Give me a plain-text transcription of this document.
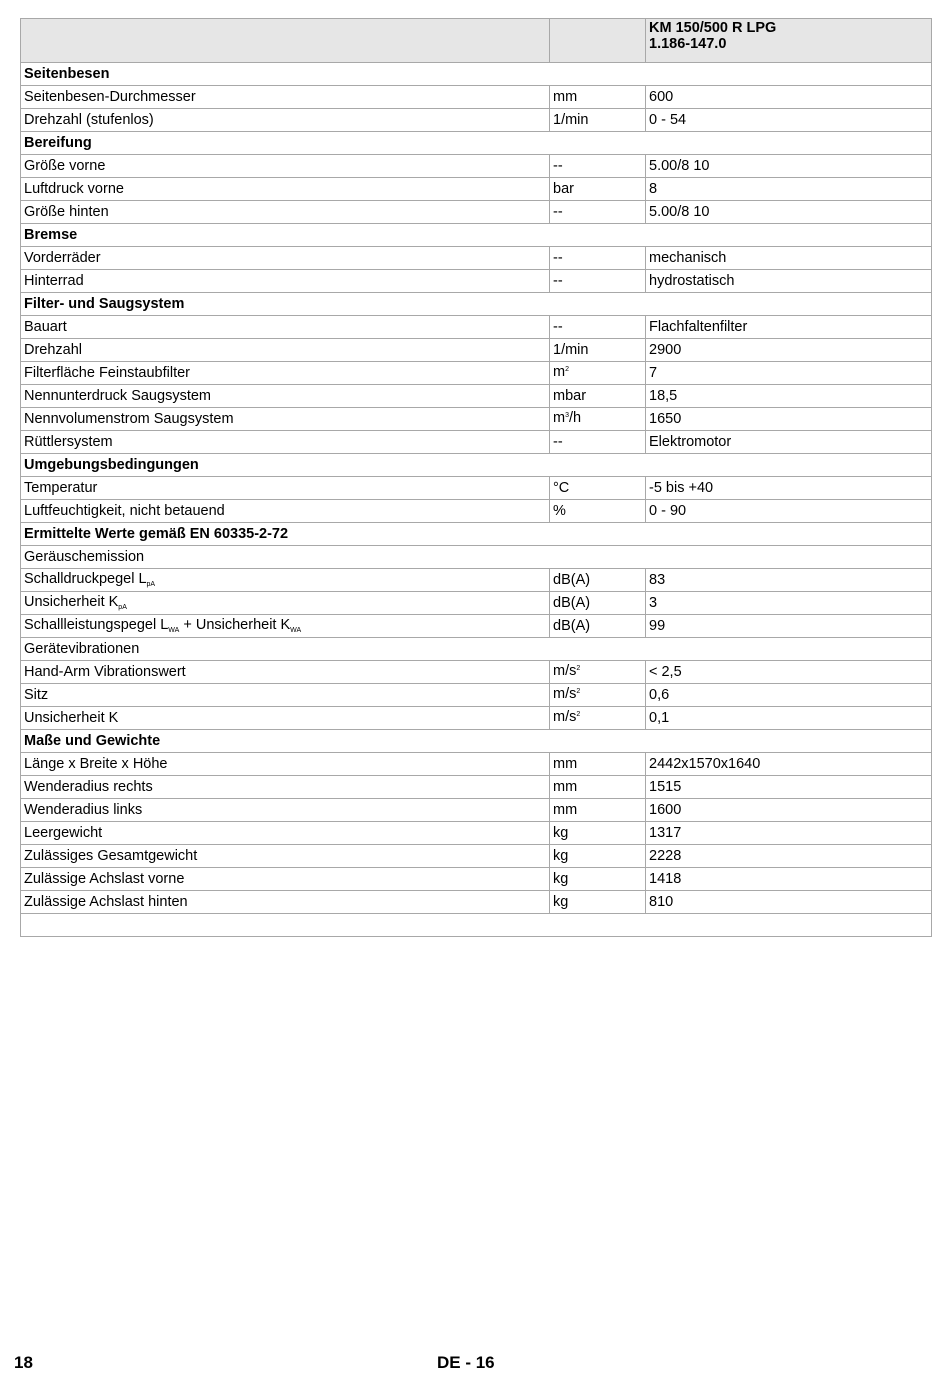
		KM 150/500 R LPG
1.186-147.0

Seitenbesen		
Seitenbesen-Durchmesser	mm	600
Drehzahl (stufenlos)	1/min	0 - 54
Bereifung		
Größe vorne	--	5.00/8 10
Luftdruck vorne	bar	8
Größe hinten	--	5.00/8 10
Bremse		
Vorderräder	--	mechanisch
Hinterrad	--	hydrostatisch
Filter- und Saugsystem		
Bauart	--	Flachfaltenfilter
Drehzahl	1/min	2900
Filterfläche Feinstaubfilter	$m^2$	7
Nennunterdruck Saugsystem	mbar	18,5
Nennvolumenstrom Saugsystem	$m^3/h$	1650
Rüttlersystem	--	Elektromotor
Umgebungsbedingungen		
Temperatur	°C	-5 bis +40
Luftfeuchtigkeit, nicht betauend	%	0 - 90
Ermittelte Werte gemäß EN 60335-2-72		
Geräuschemission		
Schalldruckpegel $L_{pA}$	dB(A)	83
Unsicherheit $K_{pA}$	dB(A)	3
Schallleistungspegel $L_{WA}$ + Unsicherheit $K_{WA}$	dB(A)	99
Gerätevibrationen		
Hand-Arm Vibrationswert	$m/s^2$	< 2,5
Sitz	$m/s^2$	0,6
Unsicherheit K	$m/s^2$	0,1
Maße und Gewichte		
Länge x Breite x Höhe	mm	2442x1570x1640
Wenderadius rechts	mm	1515
Wenderadius links	mm	1600
Leergewicht	kg	1317
Zulässiges Gesamtgewicht	kg	2228
Zulässige Achslast vorne	kg	1418
Zulässige Achslast hinten	kg	810

18	DE - 16
